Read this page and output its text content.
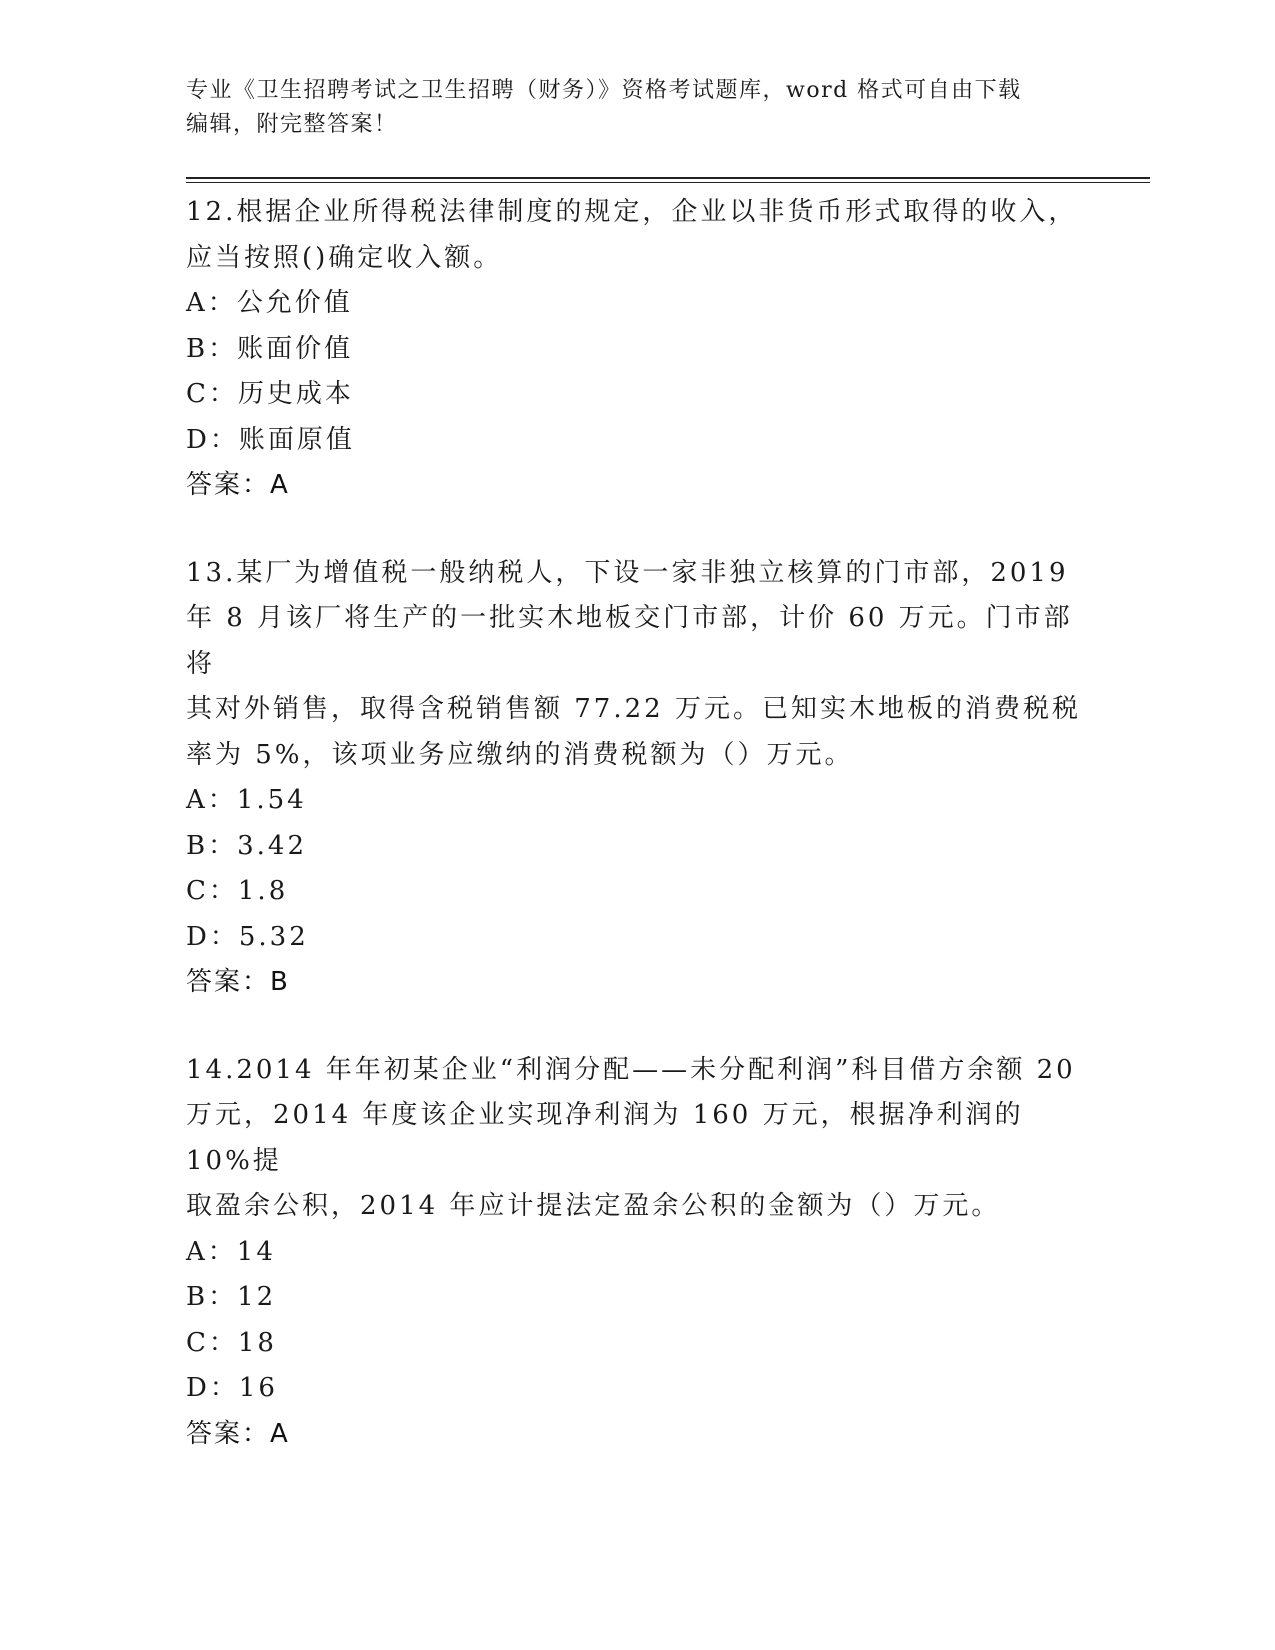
专业《卫生招聘考试之卫生招聘（财务）》资格考试题库，word 格式可自由下载
编辑，附完整答案！
12.根据企业所得税法律制度的规定，企业以非货币形式取得的收入，
应当按照()确定收入额。
A：公允价值
B：账面价值
C：历史成本
D：账面原值
答案：A
13.某厂为增值税一般纳税人，下设一家非独立核算的门市部，2019
年 8 月该厂将生产的一批实木地板交门市部，计价 60 万元。门市部将
其对外销售，取得含税销售额 77.22 万元。已知实木地板的消费税税
率为 5%，该项业务应缴纳的消费税额为（）万元。
A：1.54
B：3.42
C：1.8
D：5.32
答案：B
14.2014 年年初某企业“利润分配——未分配利润”科目借方余额 20
万元，2014 年度该企业实现净利润为 160 万元，根据净利润的 10%提
取盈余公积，2014 年应计提法定盈余公积的金额为（）万元。
A：14
B：12
C：18
D：16
答案：A
